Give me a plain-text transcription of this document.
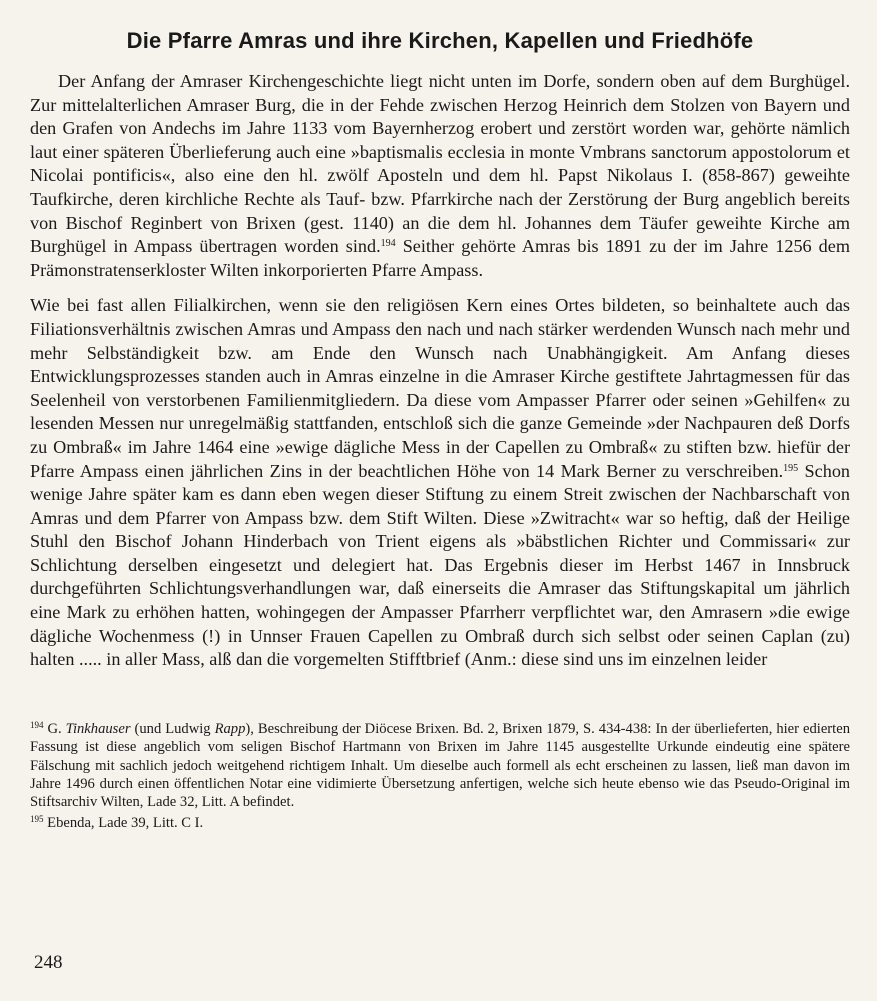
Die Pfarre Amras und ihre Kirchen, Kapellen und Friedhöfe

Der Anfang der Amraser Kirchengeschichte liegt nicht unten im Dorfe, sondern oben auf dem Burghügel. Zur mittelalterlichen Amraser Burg, die in der Fehde zwischen Herzog Heinrich dem Stolzen von Bayern und den Grafen von Andechs im Jahre 1133 vom Bayernherzog erobert und zerstört worden war, gehörte nämlich laut einer späteren Überlieferung auch eine »baptismalis ecclesia in monte Vmbrans sanctorum appostolorum et Nicolai pontificis«, also eine den hl. zwölf Aposteln und dem hl. Papst Nikolaus I. (858-867) geweihte Taufkirche, deren kirchliche Rechte als Tauf- bzw. Pfarrkirche nach der Zerstörung der Burg angeblich bereits von Bischof Reginbert von Brixen (gest. 1140) an die dem hl. Johannes dem Täufer geweihte Kirche am Burghügel in Ampass übertragen worden sind.$^{194}$ Seither gehörte Amras bis 1891 zu der im Jahre 1256 dem Prämonstratenserkloster Wilten inkorporierten Pfarre Ampass.

Wie bei fast allen Filialkirchen, wenn sie den religiösen Kern eines Ortes bildeten, so beinhaltete auch das Filiationsverhältnis zwischen Amras und Ampass den nach und nach stärker werdenden Wunsch nach mehr und mehr Selbständigkeit bzw. am Ende den Wunsch nach Unabhängigkeit. Am Anfang dieses Entwicklungsprozesses standen auch in Amras einzelne in die Amraser Kirche gestiftete Jahrtagmessen für das Seelenheil von verstorbenen Familienmitgliedern. Da diese vom Ampasser Pfarrer oder seinen »Gehilfen« zu lesenden Messen nur unregelmäßig stattfanden, entschloß sich die ganze Gemeinde »der Nachpauren deß Dorfs zu Ombraß« im Jahre 1464 eine »ewige dägliche Mess in der Capellen zu Ombraß« zu stiften bzw. hiefür der Pfarre Ampass einen jährlichen Zins in der beachtlichen Höhe von 14 Mark Berner zu verschreiben.$^{195}$ Schon wenige Jahre später kam es dann eben wegen dieser Stiftung zu einem Streit zwischen der Nachbarschaft von Amras und dem Pfarrer von Ampass bzw. dem Stift Wilten. Diese »Zwitracht« war so heftig, daß der Heilige Stuhl den Bischof Johann Hinderbach von Trient eigens als »bäbstlichen Richter und Commissari« zur Schlichtung derselben eingesetzt und delegiert hat. Das Ergebnis dieser im Herbst 1467 in Innsbruck durchgeführten Schlichtungsverhandlungen war, daß einerseits die Amraser das Stiftungskapital um jährlich eine Mark zu erhöhen hatten, wohingegen der Ampasser Pfarrherr verpflichtet war, den Amrasern »die ewige dägliche Wochenmess (!) in Unnser Frauen Capellen zu Ombraß durch sich selbst oder seinen Caplan (zu) halten ..... in aller Mass, alß dan die vorgemelten Stifftbrief (Anm.: diese sind uns im einzelnen leider

$^{194}$ G. Tinkhauser (und Ludwig Rapp), Beschreibung der Diöcese Brixen. Bd. 2, Brixen 1879, S. 434-438: In der überlieferten, hier edierten Fassung ist diese angeblich vom seligen Bischof Hartmann von Brixen im Jahre 1145 ausgestellte Urkunde eindeutig eine spätere Fälschung mit sachlich jedoch weitgehend richtigem Inhalt. Um dieselbe auch formell als echt erscheinen zu lassen, ließ man davon im Jahre 1496 durch einen öffentlichen Notar eine vidimierte Übersetzung anfertigen, welche sich heute ebenso wie das Pseudo-Original im Stiftsarchiv Wilten, Lade 32, Litt. A befindet.

$^{195}$ Ebenda, Lade 39, Litt. C I.

248
